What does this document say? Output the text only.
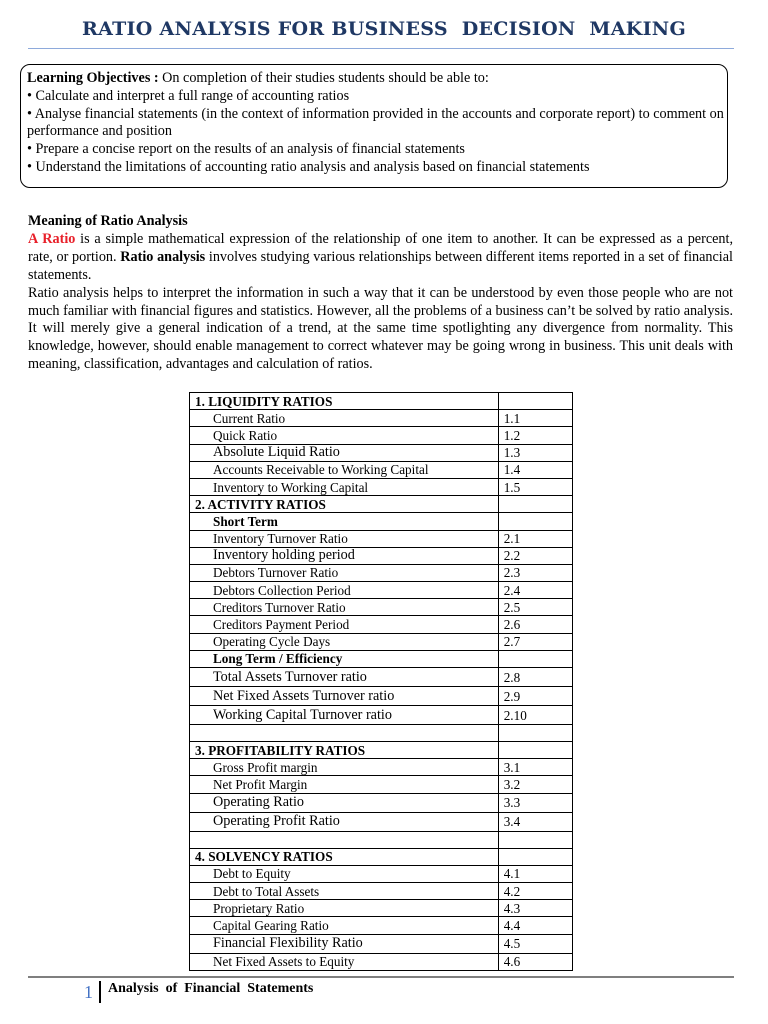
RATIO ANALYSIS FOR BUSINESS  DECISION  MAKING

Learning Objectives : On completion of their studies students should be able to:

• Calculate and interpret a full range of accounting ratios

• Analyse financial statements (in the context of information provided in the accounts and corporate report) to comment on performance and position

• Prepare a concise report on the results of an analysis of financial statements

• Understand the limitations of accounting ratio analysis and analysis based on financial statements

Meaning of Ratio Analysis

A Ratio is a simple mathematical expression of the relationship of one item to another. It can be expressed as a percent, rate, or portion. Ratio analysis involves studying various relationships between different items reported in a set of financial statements.

Ratio analysis helps to interpret the information in such a way that it can be understood by even those people who are not much familiar with financial figures and statistics. However, all the problems of a business can’t be solved by ratio analysis. It will merely give a general indication of a trend, at the same time spotlighting any divergence from normality. This knowledge, however, should enable management to correct whatever may be going wrong in business. This unit deals with meaning, classification, advantages and calculation of ratios.

1. LIQUIDITY RATIOS	
Current Ratio	1.1
Quick Ratio	1.2
Absolute Liquid Ratio	1.3
Accounts Receivable to Working Capital	1.4
Inventory to Working Capital	1.5
2. ACTIVITY RATIOS	
Short Term	
Inventory Turnover Ratio	2.1
Inventory holding period	2.2
Debtors Turnover Ratio	2.3
Debtors Collection Period	2.4
Creditors Turnover Ratio	2.5
Creditors Payment Period	2.6
Operating Cycle Days	2.7
Long Term / Efficiency	
Total Assets Turnover ratio	2.8
Net Fixed Assets Turnover ratio	2.9
Working Capital Turnover ratio	2.10

3. PROFITABILITY RATIOS	
Gross Profit margin	3.1
Net Profit Margin	3.2
Operating Ratio	3.3
Operating Profit Ratio	3.4

4. SOLVENCY RATIOS	
Debt to Equity	4.1
Debt to Total Assets	4.2
Proprietary Ratio	4.3
Capital Gearing Ratio	4.4
Financial Flexibility Ratio	4.5
Net Fixed Assets to Equity	4.6
1 Analysis  of  Financial  Statements
